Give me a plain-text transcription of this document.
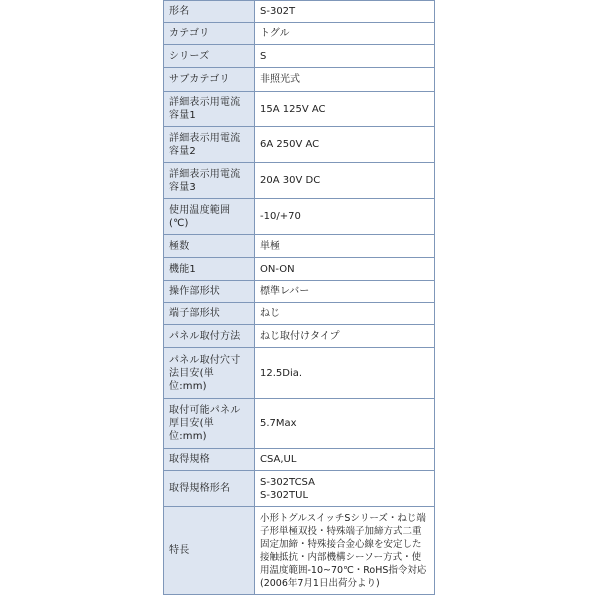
形名	S-302T
カテゴリ	トグル
シリーズ	S
サブカテゴリ	非照光式
詳細表示用電流容量1	15A 125V AC
詳細表示用電流容量2	6A 250V AC
詳細表示用電流容量3	20A 30V DC
使用温度範囲(℃)	-10/+70
極数	単極
機能1	ON-ON
操作部形状	標準レバー
端子部形状	ねじ
パネル取付方法	ねじ取付けタイプ
パネル取付穴寸法目安(単位:mm)	12.5Dia.
取付可能パネル厚目安(単位:mm)	5.7Max
取得規格	CSA,UL
取得規格形名	S-302TCSA
S-302TUL
特長	小形トグルスイッチSシリーズ・ねじ端子形単極双投・特殊端子加締方式二重固定加締・特殊接合金心線を安定した接触抵抗・内部機構シーソー方式・使用温度範囲-10~70℃・RoHS指令対応(2006年7月1日出荷分より)
